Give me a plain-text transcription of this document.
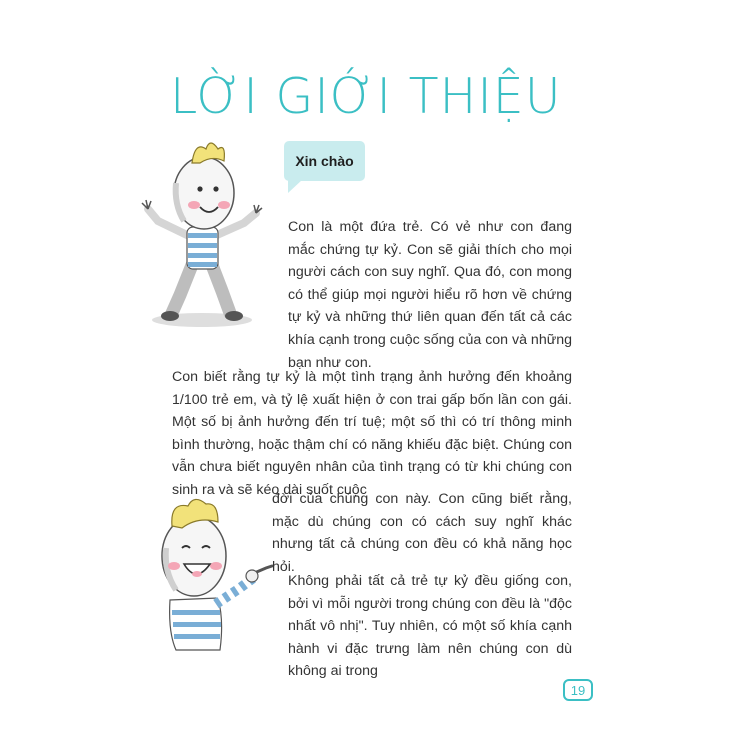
LỜI GIỚI THIỆU
Xin chào
Con là một đứa trẻ. Có vẻ như con đang mắc chứng tự kỷ. Con sẽ giải thích cho mọi người cách con suy nghĩ. Qua đó, con mong có thể giúp mọi người hiểu rõ hơn về chứng tự kỷ và những thứ liên quan đến tất cả các khía cạnh trong cuộc sống của con và những bạn như con.
Con biết rằng tự kỷ là một tình trạng ảnh hưởng đến khoảng 1/100 trẻ em, và tỷ lệ xuất hiện ở con trai gấp bốn lần con gái. Một số bị ảnh hưởng đến trí tuệ; một số thì có trí thông minh bình thường, hoặc thậm chí có năng khiếu đặc biệt. Chúng con vẫn chưa biết nguyên nhân của tình trạng có từ khi chúng con sinh ra và sẽ kéo dài suốt cuộc
đời của chúng con này. Con cũng biết rằng, mặc dù chúng con có cách suy nghĩ khác nhưng tất cả chúng con đều có khả năng học hỏi.
Không phải tất cả trẻ tự kỷ đều giống con, bởi vì mỗi người trong chúng con đều là "độc nhất vô nhị". Tuy nhiên, có một số khía cạnh hành vi đặc trưng làm nên chúng con dù không ai trong
19
